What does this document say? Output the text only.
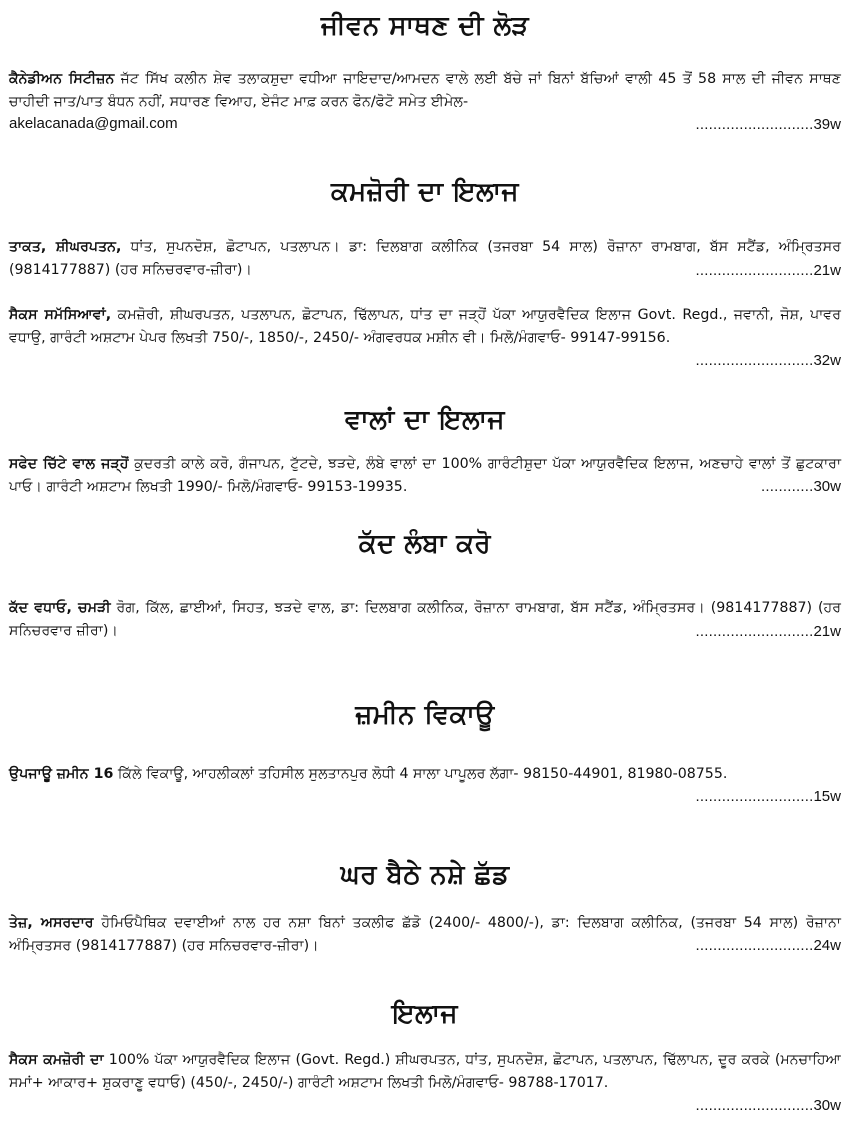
ਜੀਵਨ ਸਾਥਣ ਦੀ ਲੋੜ

ਕੈਨੇਡੀਅਨ ਸਿਟੀਜ਼ਨ ਜੱਟ ਸਿੱਖ ਕਲੀਨ ਸ਼ੇਵ ਤਲਾਕਸ਼ੁਦਾ ਵਧੀਆ ਜਾਇਦਾਦ/ਆਮਦਨ ਵਾਲੇ ਲਈ ਬੱਚੇ ਜਾਂ ਬਿਨਾਂ ਬੱਚਿਆਂ ਵਾਲੀ 45 ਤੋਂ 58 ਸਾਲ ਦੀ ਜੀਵਨ ਸਾਥਣ ਚਾਹੀਦੀ ਜਾਤ/ਪਾਤ ਬੰਧਨ ਨਹੀਂ, ਸਧਾਰਣ ਵਿਆਹ, ਏਜੰਟ ਮਾਫ਼ ਕਰਨ ਫੋਨ/ਫੋਟੋ ਸਮੇਤ ਈਮੇਲ-

akelacanada@gmail.com	...........................39w
ਕਮਜ਼ੋਰੀ ਦਾ ਇਲਾਜ

ਤਾਕਤ, ਸ਼ੀਘਰਪਤਨ, ਧਾਂਤ, ਸੁਪਨਦੋਸ਼, ਛੋਟਾਪਨ, ਪਤਲਾਪਨ। ਡਾ: ਦਿਲਬਾਗ ਕਲੀਨਿਕ (ਤਜਰਬਾ 54 ਸਾਲ) ਰੋਜ਼ਾਨਾ ਰਾਮਬਾਗ, ਬੱਸ ਸਟੈਂਡ, ਅੰਮ੍ਰਿਤਸਰ (9814177887) (ਹਰ ਸਨਿਚਰਵਾਰ-ਜ਼ੀਰਾ)।	...........................21w

ਸੈਕਸ ਸਮੱਸਿਆਵਾਂ, ਕਮਜ਼ੋਰੀ, ਸ਼ੀਘਰਪਤਨ, ਪਤਲਾਪਨ, ਛੋਟਾਪਨ, ਢਿੱਲਾਪਨ, ਧਾਂਤ ਦਾ ਜੜ੍ਹੋਂ ਪੱਕਾ ਆਯੁਰਵੈਦਿਕ ਇਲਾਜ Govt. Regd., ਜਵਾਨੀ, ਜੋਸ਼, ਪਾਵਰ ਵਧਾਉ, ਗਾਰੰਟੀ ਅਸ਼ਟਾਮ ਪੇਪਰ ਲਿਖਤੀ 750/-, 1850/-, 2450/- ਅੰਗਵਰਧਕ ਮਸ਼ੀਨ ਵੀ। ਮਿਲੋ/ਮੰਗਵਾਓ- 99147-99156.

...........................32w
ਵਾਲਾਂ ਦਾ ਇਲਾਜ

ਸਫੇਦ ਚਿੱਟੇ ਵਾਲ ਜੜ੍ਹੋਂ ਕੁਦਰਤੀ ਕਾਲੇ ਕਰੋ, ਗੰਜਾਪਨ, ਟੁੱਟਦੇ, ਝੜਦੇ, ਲੰਬੇ ਵਾਲਾਂ ਦਾ 100% ਗਾਰੰਟੀਸ਼ੁਦਾ ਪੱਕਾ ਆਯੁਰਵੈਦਿਕ ਇਲਾਜ, ਅਣਚਾਹੇ ਵਾਲਾਂ ਤੋਂ ਛੁਟਕਾਰਾ ਪਾਓ। ਗਾਰੰਟੀ ਅਸ਼ਟਾਮ ਲਿਖਤੀ 1990/- ਮਿਲੋ/ਮੰਗਵਾਓ- 99153-19935.	............30w
ਕੱਦ ਲੰਬਾ ਕਰੋ

ਕੱਦ ਵਧਾਓ, ਚਮੜੀ ਰੋਗ, ਕਿੱਲ, ਛਾਈਆਂ, ਸਿਹਤ, ਝੜਦੇ ਵਾਲ, ਡਾ: ਦਿਲਬਾਗ ਕਲੀਨਿਕ, ਰੋਜ਼ਾਨਾ ਰਾਮਬਾਗ, ਬੱਸ ਸਟੈਂਡ, ਅੰਮ੍ਰਿਤਸਰ। (9814177887) (ਹਰ ਸਨਿਚਰਵਾਰ ਜ਼ੀਰਾ)।	...........................21w
ਜ਼ਮੀਨ ਵਿਕਾਊ

ਉਪਜਾਊ ਜ਼ਮੀਨ 16 ਕਿੱਲੇ ਵਿਕਾਊ, ਆਹਲੀਕਲਾਂ ਤਹਿਸੀਲ ਸੁਲਤਾਨਪੁਰ ਲੋਧੀ 4 ਸਾਲਾ ਪਾਪੂਲਰ ਲੱਗਾ- 98150-44901, 81980-08755.

...........................15w
ਘਰ ਬੈਠੇ ਨਸ਼ੇ ਛੱਡ

ਤੇਜ਼, ਅਸਰਦਾਰ ਹੋਮਿਓਪੈਥਿਕ ਦਵਾਈਆਂ ਨਾਲ ਹਰ ਨਸ਼ਾ ਬਿਨਾਂ ਤਕਲੀਫ ਛੱਡੋ (2400/- 4800/-), ਡਾ: ਦਿਲਬਾਗ ਕਲੀਨਿਕ, (ਤਜਰਬਾ 54 ਸਾਲ) ਰੋਜ਼ਾਨਾ ਅੰਮ੍ਰਿਤਸਰ (9814177887) (ਹਰ ਸਨਿਚਰਵਾਰ-ਜ਼ੀਰਾ)।	...........................24w
ਇਲਾਜ

ਸੈਕਸ ਕਮਜ਼ੋਰੀ ਦਾ 100% ਪੱਕਾ ਆਯੁਰਵੈਦਿਕ ਇਲਾਜ (Govt. Regd.) ਸ਼ੀਘਰਪਤਨ, ਧਾਂਤ, ਸੁਪਨਦੋਸ਼, ਛੋਟਾਪਨ, ਪਤਲਾਪਨ, ਢਿੱਲਾਪਨ, ਦੂਰ ਕਰਕੇ (ਮਨਚਾਹਿਆ ਸਮਾਂ+ ਆਕਾਰ+ ਸ਼ੁਕਰਾਣੂ ਵਧਾਓ) (450/-, 2450/-) ਗਾਰੰਟੀ ਅਸ਼ਟਾਮ ਲਿਖਤੀ ਮਿਲੋ/ਮੰਗਵਾਓ- 98788-17017.

...........................30w
